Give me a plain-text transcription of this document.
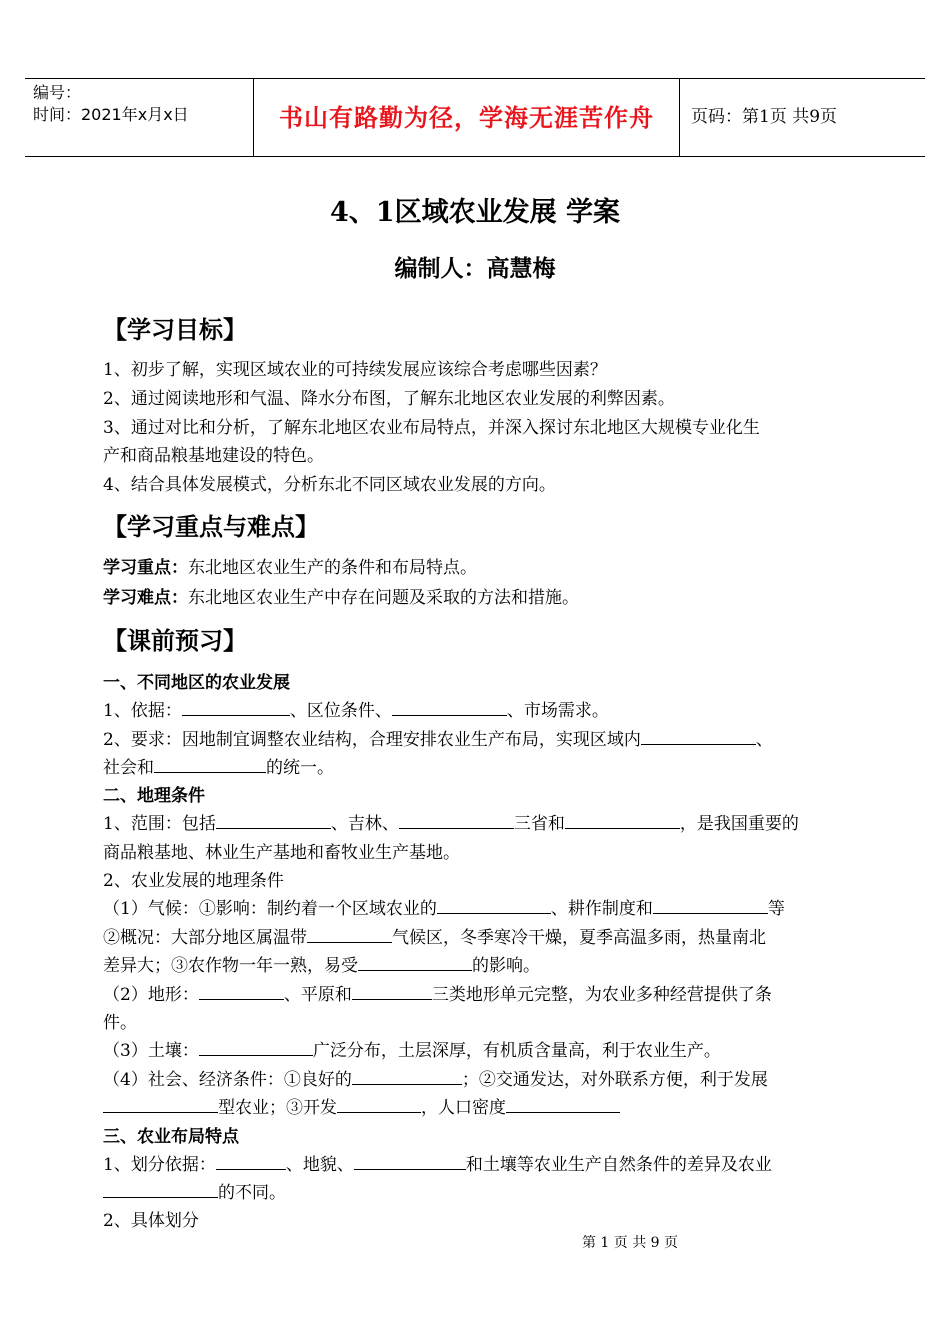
编号：
时间：2021年x月x日	书山有路勤为径，学海无涯苦作舟	页码：第1页 共9页
4、1区域农业发展 学案
编制人：高慧梅
【学习目标】
1、初步了解，实现区域农业的可持续发展应该综合考虑哪些因素？
2、通过阅读地形和气温、降水分布图，了解东北地区农业发展的利弊因素。
3、通过对比和分析，了解东北地区农业布局特点，并深入探讨东北地区大规模专业化生
产和商品粮基地建设的特色。
4、结合具体发展模式，分析东北不同区域农业发展的方向。
【学习重点与难点】
学习重点：东北地区农业生产的条件和布局特点。
学习难点：东北地区农业生产中存在问题及采取的方法和措施。
【课前预习】
一、不同地区的农业发展
1、依据：	、区位条件、	、市场需求。
2、要求：因地制宜调整农业结构，合理安排农业生产布局，实现区域内	、
社会和	的统一。
二、地理条件
1、范围：包括	、吉林、	三省和	，是我国重要的
商品粮基地、林业生产基地和畜牧业生产基地。
2、农业发展的地理条件
（1）气候：①影响：制约着一个区域农业的	、耕作制度和	等
②概况：大部分地区属温带	气候区，冬季寒冷干燥，夏季高温多雨，热量南北
差异大；③农作物一年一熟，易受	的影响。
（2）地形：	、平原和	三类地形单元完整，为农业多种经营提供了条
件。
（3）土壤：	广泛分布，土层深厚，有机质含量高，利于农业生产。
（4）社会、经济条件：①良好的	；②交通发达，对外联系方便，利于发展
型农业；③开发	，人口密度
三、农业布局特点
1、划分依据：	、地貌、	和土壤等农业生产自然条件的差异及农业
的不同。
2、具体划分
第 1 页 共 9 页
